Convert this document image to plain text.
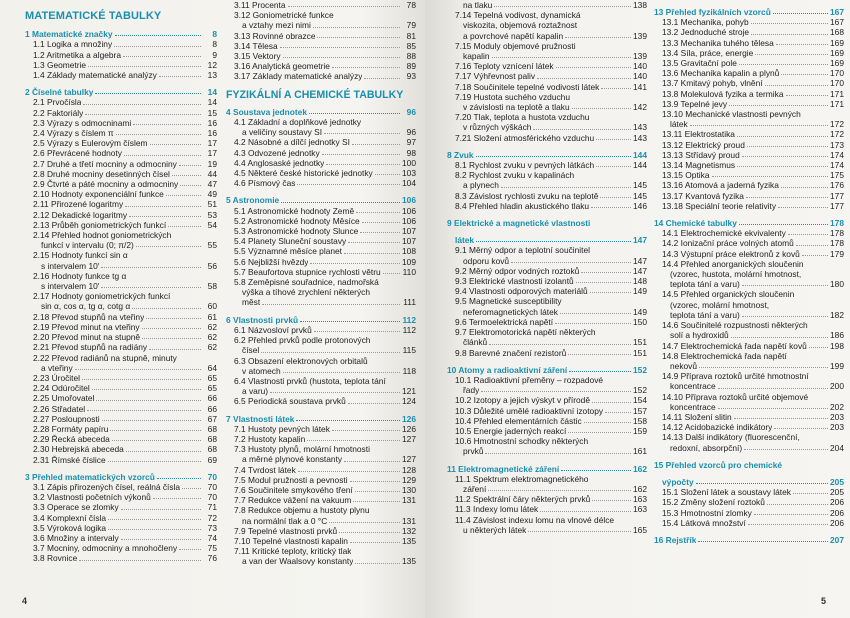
MATEMATICKÉ TABULKY
1 Matematické značky	8
1.1 Logika a množiny	8
1.2 Aritmetika a algebra	9
1.3 Geometrie	12
1.4 Základy matematické analýzy	13
2 Číselné tabulky	14
2.1 Prvočísla	14
2.2 Faktoriály	15
2.3 Výrazy s odmocninami	16
2.4 Výrazy s číslem π	16
2.5 Výrazy s Eulerovým číslem	17
2.6 Převrácené hodnoty	17
2.7 Druhé a třetí mocniny a odmocniny	19
2.8 Druhé mocniny desetinných čísel	44
2.9 Čtvrté a páté mocniny a odmocniny	47
2.10 Hodnoty exponenciální funkce	49
2.11 Přirozené logaritmy	51
2.12 Dekadické logaritmy	53
2.13 Průběh goniometrických funkcí	54
2.14 Přehled hodnot goniometrických
funkcí v intervalu (0; π/2)	55
2.15 Hodnoty funkcí sin α
s intervalem 10′	56
2.16 Hodnoty funkce tg α
s intervalem 10′	58
2.17 Hodnoty goniometrických funkcí
sin α, cos α, tg α, cotg α	60
2.18 Převod stupňů na vteřiny	61
2.19 Převod minut na vteřiny	62
2.20 Převod minut na stupně	62
2.21 Převod stupňů na radiány	62
2.22 Převod radiánů na stupně, minuty
a vteřiny	64
2.23 Úročitel	65
2.24 Odúročitel	65
2.25 Umořovatel	66
2.26 Střadatel	66
2.27 Posloupnosti	67
2.28 Formáty papíru	68
2.29 Řecká abeceda	68
2.30 Hebrejská abeceda	68
2.31 Římské číslice	69
3 Přehled matematických vzorců	70
3.1 Zápis přirozených čísel, reálná čísla	70
3.2 Vlastnosti početních výkonů	70
3.3 Operace se zlomky	71
3.4 Komplexní čísla	72
3.5 Výroková logika	73
3.6 Množiny a intervaly	74
3.7 Mocniny, odmocniny a mnohočleny	75
3.8 Rovnice	76
3.11 Procenta	78
3.12 Goniometrické funkce
a vztahy mezi nimi	79
3.13 Rovinné obrazce	81
3.14 Tělesa	85
3.15 Vektory	88
3.16 Analytická geometrie	89
3.17 Základy matematické analýzy	93
FYZIKÁLNÍ A CHEMICKÉ TABULKY
4 Soustava jednotek	96
4.1 Základní a doplňkové jednotky
a veličiny soustavy SI	96
4.2 Násobné a dílčí jednotky SI	97
4.3 Odvozené jednotky	98
4.4 Anglosaské jednotky	100
4.5 Některé české historické jednotky	103
4.6 Písmový čas	104
5 Astronomie	106
5.1 Astronomické hodnoty Země	106
5.2 Astronomické hodnoty Měsíce	106
5.3 Astronomické hodnoty Slunce	107
5.4 Planety Sluneční soustavy	107
5.5 Významné měsíce planet	108
5.6 Nejbližší hvězdy	109
5.7 Beaufortova stupnice rychlosti větru	110
5.8 Zeměpisné souřadnice, nadmořská
výška a tíhové zrychlení některých
měst	111
6 Vlastnosti prvků	112
6.1 Názvosloví prvků	112
6.2 Přehled prvků podle protonových
čísel	115
6.3 Obsazení elektronových orbitalů
v atomech	118
6.4 Vlastnosti prvků (hustota, teplota tání
a varu)	121
6.5 Periodická soustava prvků	124
7 Vlastnosti látek	126
7.1 Hustoty pevných látek	126
7.2 Hustoty kapalin	127
7.3 Hustoty plynů, molární hmotnosti
a měrné plynové konstanty	127
7.4 Tvrdost látek	128
7.5 Modul pružnosti a pevnosti	129
7.6 Součinitele smykového tření	130
7.7 Redukce vážení na vakuum	131
7.8 Redukce objemu a hustoty plynu
na normální tlak a 0 °C	131
7.9 Tepelné vlastnosti prvků	132
7.10 Tepelné vlastnosti kapalin	135
7.11 Kritické teploty, kritický tlak
a van der Waalsovy konstanty	135
4
na tlaku	138
7.14 Tepelná vodivost, dynamická
viskozita, objemová roztažnost
a povrchové napětí kapalin	139
7.15 Moduly objemové pružnosti
kapalin	139
7.16 Teploty vznícení látek	140
7.17 Výhřevnost paliv	140
7.18 Součinitele tepelné vodivosti látek	141
7.19 Hustota suchého vzduchu
v závislosti na teplotě a tlaku	142
7.20 Tlak, teplota a hustota vzduchu
v různých výškách	143
7.21 Složení atmosférického vzduchu	143
8 Zvuk	144
8.1 Rychlost zvuku v pevných látkách	144
8.2 Rychlost zvuku v kapalinách
a plynech	145
8.3 Závislost rychlosti zvuku na teplotě	145
8.4 Přehled hladin akustického tlaku	146
9 Elektrické a magnetické vlastnosti
látek	147
9.1 Měrný odpor a teplotní součinitel
odporu kovů	147
9.2 Měrný odpor vodných roztoků	147
9.3 Elektrické vlastnosti izolantů	148
9.4 Vlastnosti odporových materiálů	149
9.5 Magnetické susceptibility
neferomagnetických látek	149
9.6 Termoelektrická napětí	150
9.7 Elektromotorická napětí některých
článků	151
9.8 Barevné značení rezistorů	151
10 Atomy a radioaktivní záření	152
10.1 Radioaktivní přeměny – rozpadové
řady	152
10.2 Izotopy a jejich výskyt v přírodě	154
10.3 Důležité umělé radioaktivní izotopy	157
10.4 Přehled elementárních částic	158
10.5 Energie jaderných reakcí	159
10.6 Hmotnostní schodky některých
prvků	161
11 Elektromagnetické záření	162
11.1 Spektrum elektromagnetického
záření	162
11.2 Spektrální čáry některých prvků	163
11.3 Indexy lomu látek	163
11.4 Závislost indexu lomu na vlnové délce
u některých látek	165
13 Přehled fyzikálních vzorců	167
13.1 Mechanika, pohyb	167
13.2 Jednoduché stroje	168
13.3 Mechanika tuhého tělesa	169
13.4 Síla, práce, energie	169
13.5 Gravitační pole	169
13.6 Mechanika kapalin a plynů	170
13.7 Kmitavý pohyb, vlnění	170
13.8 Molekulová fyzika a termika	171
13.9 Tepelné jevy	171
13.10 Mechanické vlastnosti pevných
látek	172
13.11 Elektrostatika	172
13.12 Elektrický proud	173
13.13 Střídavý proud	174
13.14 Magnetismus	174
13.15 Optika	175
13.16 Atomová a jaderná fyzika	176
13.17 Kvantová fyzika	177
13.18 Speciální teorie relativity	177
14 Chemické tabulky	178
14.1 Elektrochemické ekvivalenty	178
14.2 Ionizační práce volných atomů	178
14.3 Výstupní práce elektronů z kovů	179
14.4 Přehled anorganických sloučenin
(vzorec, hustota, molární hmotnost,
teplota tání a varu)	180
14.5 Přehled organických sloučenin
(vzorec, molární hmotnost,
teplota tání a varu)	182
14.6 Součinitelé rozpustnosti některých
solí a hydroxidů	186
14.7 Elektrochemická řada napětí kovů	198
14.8 Elektrochemická řada napětí
nekovů	199
14.9 Příprava roztoků určité hmotnostní
koncentrace	200
14.10 Příprava roztoků určité objemové
koncentrace	202
14.11 Složení slitin	203
14.12 Acidobazické indikátory	203
14.13 Další indikátory (fluorescenční,
redoxní, absorpční)	204
15 Přehled vzorců pro chemické
výpočty	205
15.1 Složení látek a soustavy látek	205
15.2 Změny složení roztoků	206
15.3 Hmotnostní zlomky	206
15.4 Látková množství	206
16 Rejstřík	207
5
